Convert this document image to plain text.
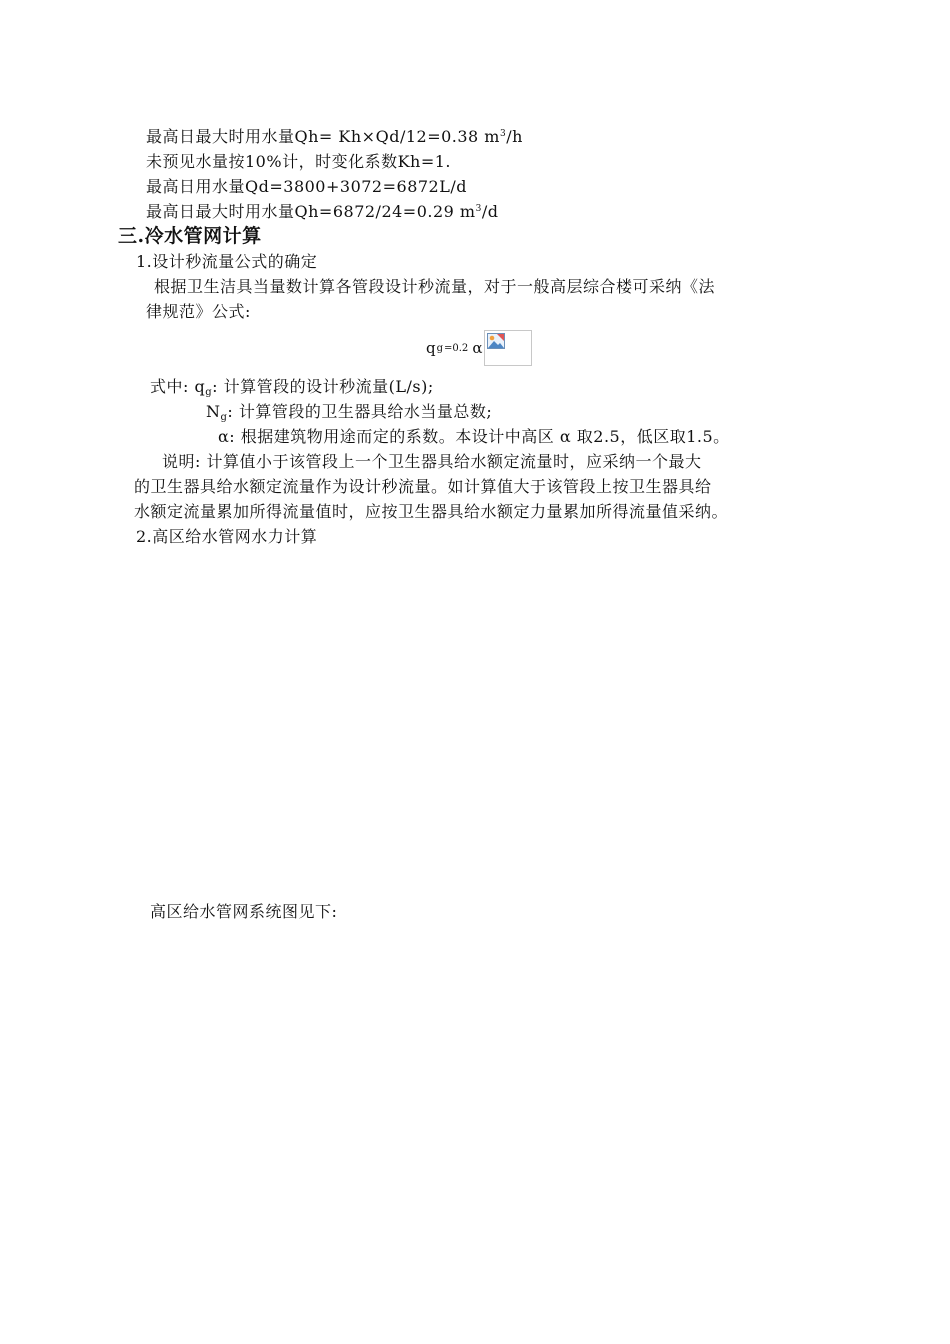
最高日最大时用水量Qh= Kh×Qd/12=0.38 $m^3/h$
未预见水量按10%计，时变化系数Kh=1.
最高日用水量Qd=3800+3072=6872L/d
最高日最大时用水量Qh=6872/24=0.29 $m^3/d$
三.冷水管网计算
1.设计秒流量公式的确定
根据卫生洁具当量数计算各管段设计秒流量，对于一般高层综合楼可采纳《法
律规范》公式:
q g =0.2 α
式中: $q_g$: 计算管段的设计秒流量(L/s);
$N_g$: 计算管段的卫生器具给水当量总数;
α: 根据建筑物用途而定的系数。本设计中高区 α 取2.5，低区取1.5。
说明: 计算值小于该管段上一个卫生器具给水额定流量时，应采纳一个最大
的卫生器具给水额定流量作为设计秒流量。如计算值大于该管段上按卫生器具给
水额定流量累加所得流量值时，应按卫生器具给水额定力量累加所得流量值采纳。
2.高区给水管网水力计算
高区给水管网系统图见下:
